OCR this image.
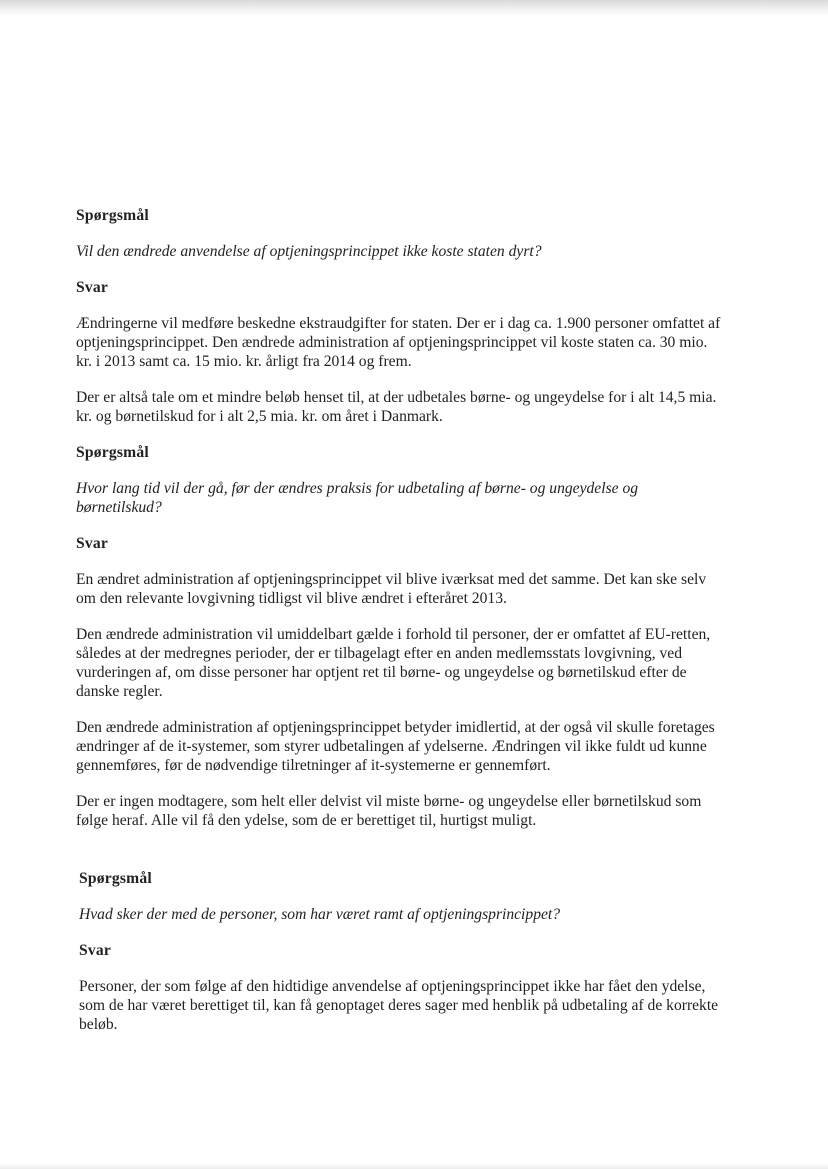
Spørgsmål

Vil den ændrede anvendelse af optjeningsprincippet ikke koste staten dyrt?

Svar

Ændringerne vil medføre beskedne ekstraudgifter for staten. Der er i dag ca. 1.900 personer omfattet af
optjeningsprincippet. Den ændrede administration af optjeningsprincippet vil koste staten ca. 30 mio.
kr. i 2013 samt ca. 15 mio. kr. årligt fra 2014 og frem.

Der er altså tale om et mindre beløb henset til, at der udbetales børne- og ungeydelse for i alt 14,5 mia.
kr. og børnetilskud for i alt 2,5 mia. kr. om året i Danmark.

Spørgsmål

Hvor lang tid vil der gå, før der ændres praksis for udbetaling af børne- og ungeydelse og
børnetilskud?

Svar

En ændret administration af optjeningsprincippet vil blive iværksat med det samme. Det kan ske selv
om den relevante lovgivning tidligst vil blive ændret i efteråret 2013.

Den ændrede administration vil umiddelbart gælde i forhold til personer, der er omfattet af EU-retten,
således at der medregnes perioder, der er tilbagelagt efter en anden medlemsstats lovgivning, ved
vurderingen af, om disse personer har optjent ret til børne- og ungeydelse og børnetilskud efter de
danske regler.

Den ændrede administration af optjeningsprincippet betyder imidlertid, at der også vil skulle foretages
ændringer af de it-systemer, som styrer udbetalingen af ydelserne. Ændringen vil ikke fuldt ud kunne
gennemføres, før de nødvendige tilretninger af it-systemerne er gennemført.

Der er ingen modtagere, som helt eller delvist vil miste børne- og ungeydelse eller børnetilskud som
følge heraf. Alle vil få den ydelse, som de er berettiget til, hurtigst muligt.

Spørgsmål

Hvad sker der med de personer, som har været ramt af optjeningsprincippet?

Svar

Personer, der som følge af den hidtidige anvendelse af optjeningsprincippet ikke har fået den ydelse,
som de har været berettiget til, kan få genoptaget deres sager med henblik på udbetaling af de korrekte
beløb.
